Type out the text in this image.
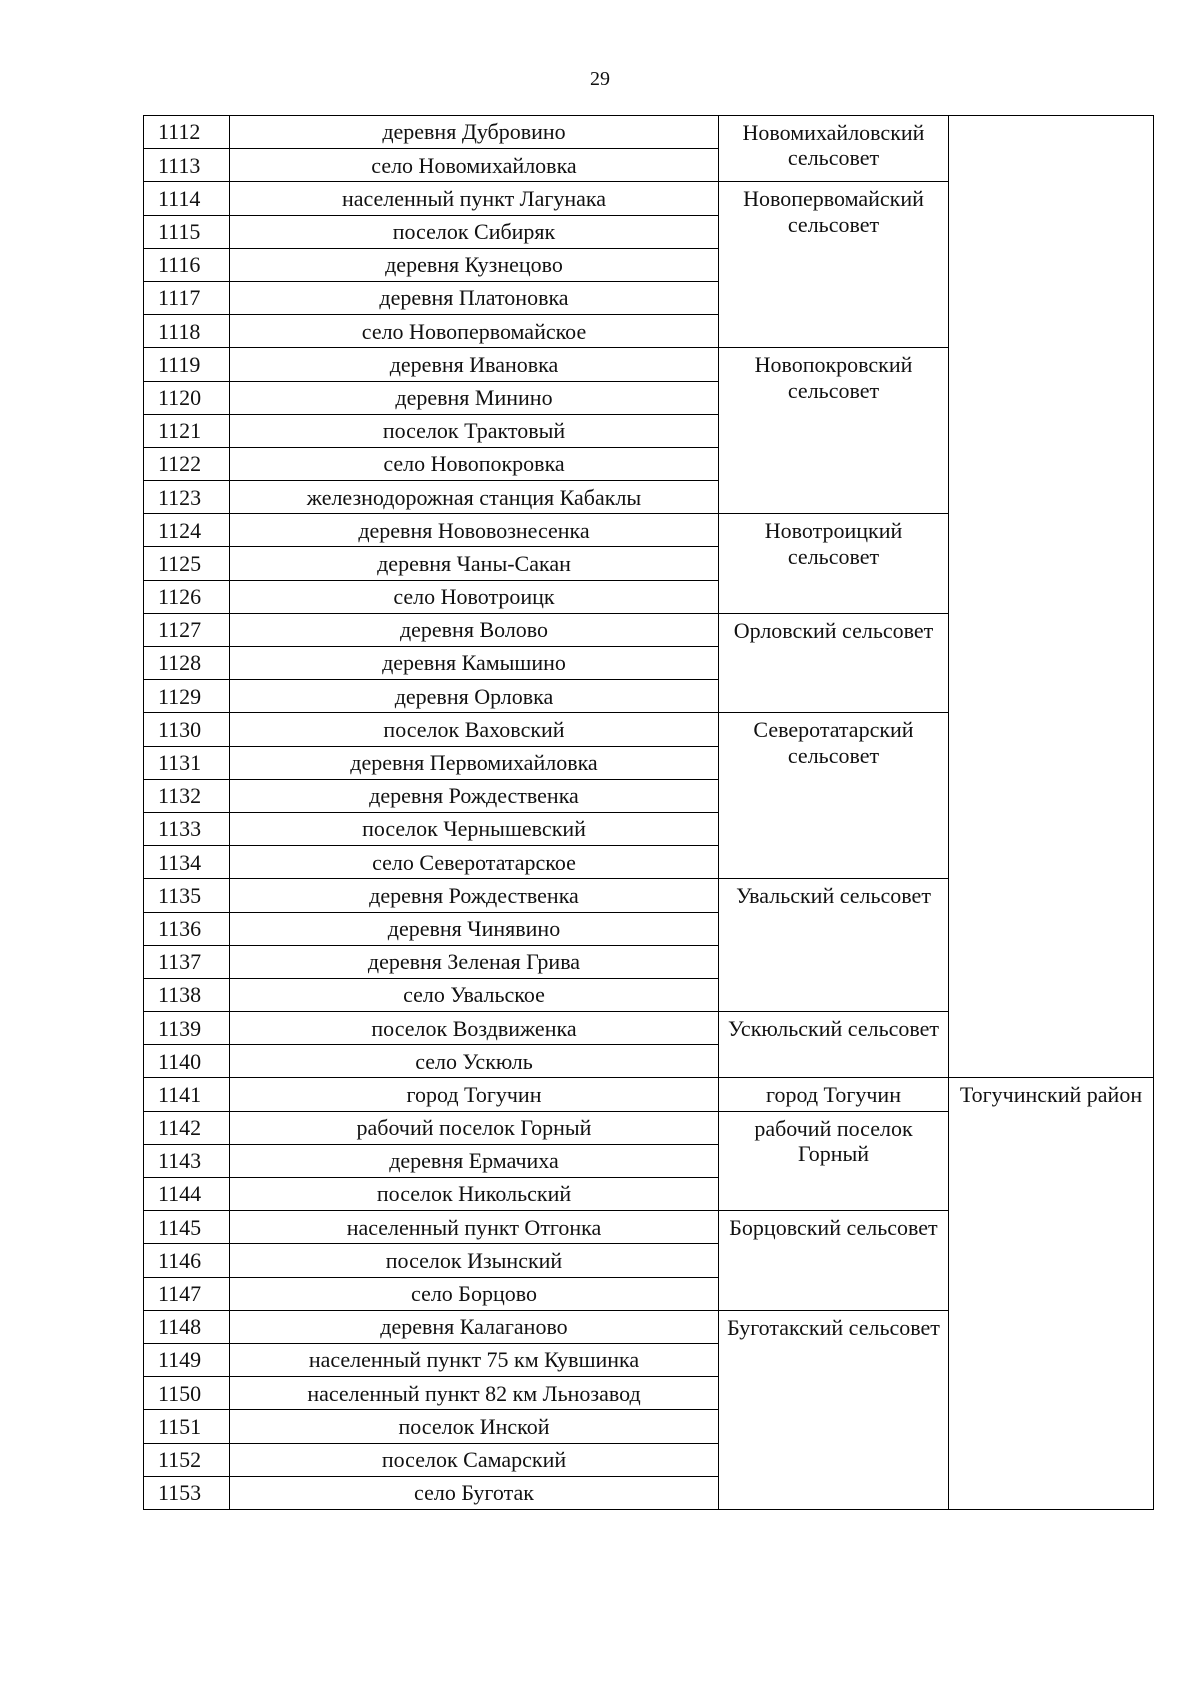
29
1112	деревня Дубровино	Новомихайловский сельсовет	
1113	село Новомихайловка		
1114	населенный пункт Лагунака	Новопервомайский сельсовет	
1115	поселок Сибиряк		
1116	деревня Кузнецово		
1117	деревня Платоновка		
1118	село Новопервомайское		
1119	деревня Ивановка	Новопокровский сельсовет	
1120	деревня Минино		
1121	поселок Трактовый		
1122	село Новопокровка		
1123	железнодорожная станция Кабаклы		
1124	деревня Нововознесенка	Новотроицкий сельсовет	
1125	деревня Чаны-Сакан		
1126	село Новотроицк		
1127	деревня Волово	Орловский сельсовет	
1128	деревня Камышино		
1129	деревня Орловка		
1130	поселок Ваховский	Северотатарский сельсовет	
1131	деревня Первомихайловка		
1132	деревня Рождественка		
1133	поселок Чернышевский		
1134	село Северотатарское		
1135	деревня Рождественка	Увальский сельсовет	
1136	деревня Чинявино		
1137	деревня Зеленая Грива		
1138	село Увальское		
1139	поселок Воздвиженка	Ускюльский сельсовет	
1140	село Ускюль		
1141	город Тогучин	город Тогучин	Тогучинский район
1142	рабочий поселок Горный	рабочий поселок Горный	
1143	деревня Ермачиха		
1144	поселок Никольский		
1145	населенный пункт Отгонка	Борцовский сельсовет	
1146	поселок Изынский		
1147	село Борцово		
1148	деревня Калаганово	Буготакский сельсовет	
1149	населенный пункт 75 км Кувшинка		
1150	населенный пункт 82 км Льнозавод		
1151	поселок Инской		
1152	поселок Самарский		
1153	село Буготак		
